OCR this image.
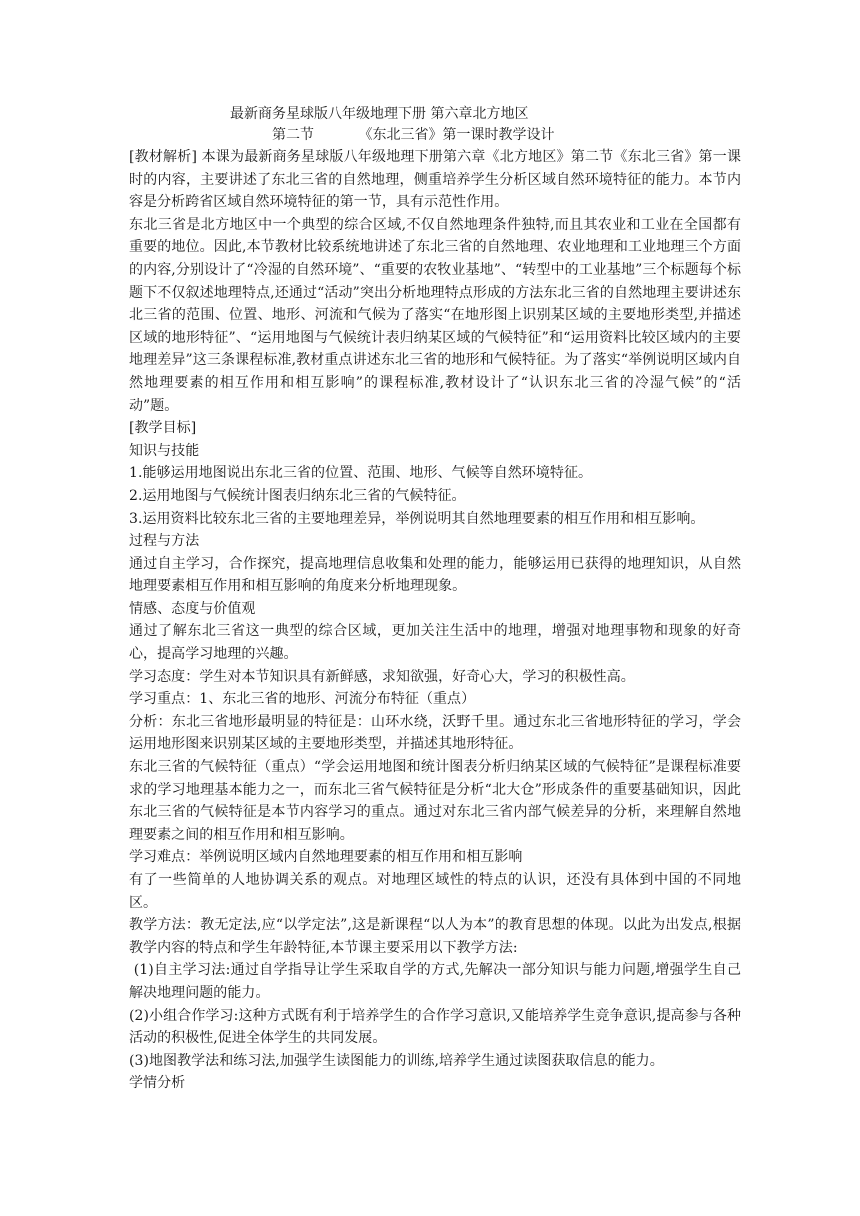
最新商务星球版八年级地理下册 第六章北方地区

第二节          《东北三省》第一课时教学设计

[教材解析] 本课为最新商务星球版八年级地理下册第六章《北方地区》第二节《东北三省》第一课时的内容，主要讲述了东北三省的自然地理，侧重培养学生分析区域自然环境特征的能力。本节内容是分析跨省区域自然环境特征的第一节，具有示范性作用。

东北三省是北方地区中一个典型的综合区域,不仅自然地理条件独特,而且其农业和工业在全国都有重要的地位。因此,本节教材比较系统地讲述了东北三省的自然地理、农业地理和工业地理三个方面的内容,分别设计了“冷湿的自然环境”、“重要的农牧业基地”、“转型中的工业基地”三个标题每个标题下不仅叙述地理特点,还通过“活动”突出分析地理特点形成的方法东北三省的自然地理主要讲述东北三省的范围、位置、地形、河流和气候为了落实“在地形图上识别某区域的主要地形类型,并描述区域的地形特征”、“运用地图与气候统计表归纳某区域的气候特征”和“运用资料比较区域内的主要地理差异”这三条课程标准,教材重点讲述东北三省的地形和气候特征。为了落实“举例说明区域内自然地理要素的相互作用和相互影响”的课程标准,教材设计了“认识东北三省的冷湿气候”的“活动”题。

[教学目标]

知识与技能

1.能够运用地图说出东北三省的位置、范围、地形、气候等自然环境特征。

2.运用地图与气候统计图表归纳东北三省的气候特征。

3.运用资料比较东北三省的主要地理差异，举例说明其自然地理要素的相互作用和相互影响。

过程与方法

通过自主学习，合作探究，提高地理信息收集和处理的能力，能够运用已获得的地理知识，从自然地理要素相互作用和相互影响的角度来分析地理现象。

情感、态度与价值观

通过了解东北三省这一典型的综合区域，更加关注生活中的地理，增强对地理事物和现象的好奇心，提高学习地理的兴趣。

学习态度：学生对本节知识具有新鲜感，求知欲强，好奇心大，学习的积极性高。

学习重点：1、东北三省的地形、河流分布特征（重点）

分析：东北三省地形最明显的特征是：山环水绕，沃野千里。通过东北三省地形特征的学习，学会运用地形图来识别某区域的主要地形类型，并描述其地形特征。

东北三省的气候特征（重点）“学会运用地图和统计图表分析归纳某区域的气候特征”是课程标准要求的学习地理基本能力之一，而东北三省气候特征是分析“北大仓”形成条件的重要基础知识，因此东北三省的气候特征是本节内容学习的重点。通过对东北三省内部气候差异的分析，来理解自然地理要素之间的相互作用和相互影响。

学习难点：举例说明区域内自然地理要素的相互作用和相互影响

有了一些简单的人地协调关系的观点。对地理区域性的特点的认识，还没有具体到中国的不同地区。

教学方法：教无定法,应“以学定法”,这是新课程“以人为本”的教育思想的体现。以此为出发点,根据教学内容的特点和学生年龄特征,本节课主要采用以下教学方法:

(1)自主学习法:通过自学指导让学生采取自学的方式,先解决一部分知识与能力问题,增强学生自己解决地理问题的能力。

(2)小组合作学习:这种方式既有利于培养学生的合作学习意识,又能培养学生竞争意识,提高参与各种活动的积极性,促进全体学生的共同发展。

(3)地图教学法和练习法,加强学生读图能力的训练,培养学生通过读图获取信息的能力。

学情分析
